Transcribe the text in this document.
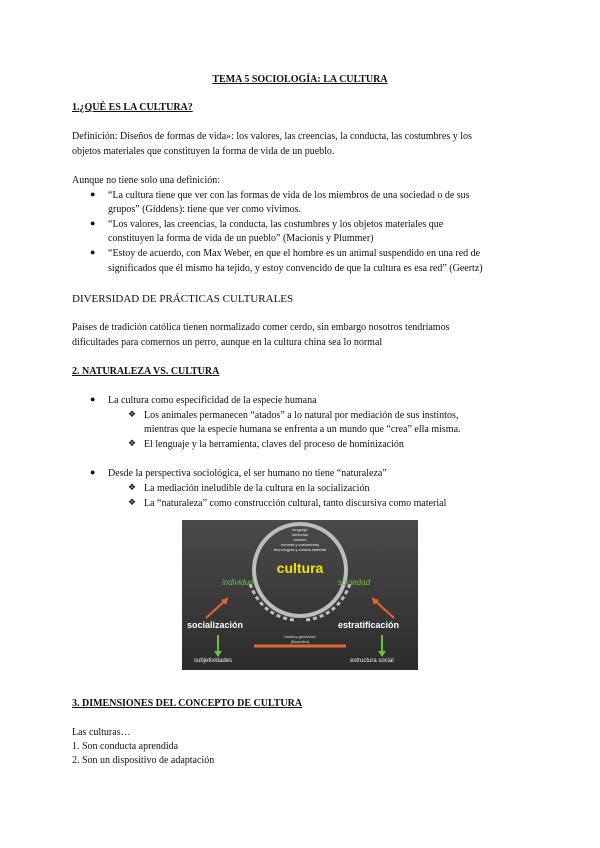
TEMA 5 SOCIOLOGÍA: LA CULTURA
1.¿QUÉ ES LA CULTURA?
Definición: Diseños de formas de vida»: los valores, las creencias, la conducta, las costumbres y los
objetos materiales que constituyen la forma de vida de un pueblo.
Aunque no tiene solo una definición:
● “La cultura tiene que ver con las formas de vida de los miembros de una sociedad o de sus
grupos” (Giddens): tiene que ver como vivimos.
● “Los valores, las creencias, la conducta, las costumbres y los objetos materiales que
constituyen la forma de vida de un pueblo” (Macionis y Plummer)
● “Estoy de acuerdo, con Max Weber, en que el hombre es un animal suspendido en una red de
significados que él mismo ha tejido, y estoy convencido de que la cultura es esa red” (Geertz)
DIVERSIDAD DE PRÁCTICAS CULTURALES
Países de tradición católica tienen normalizado comer cerdo, sin embargo nosotros tendríamos
dificultades para comernos un perro, aunque en la cultura china sea lo normal
2. NATURALEZA VS. CULTURA
● La cultura como especificidad de la especie humana
❖ Los animales permanecen “atados” a lo natural por mediación de sus instintos,
mientras que la especie humana se enfrenta a un mundo que “crea” ella misma.
❖ El lenguaje y la herramienta, claves del proceso de hominización
● Desde la perspectiva sociológica, el ser humano no tiene “naturaleza”
❖ La mediación ineludible de la cultura en la socialización
❖ La “naturaleza” como construcción cultural, tanto discursiva como material
lenguaje
símbolos
valores
normas y costumbres
tecnologías y cultura material
cultura
individuo	sociedad
socialización	estratificación
habitus-gen/clase
(Bourdieu)
subjetividades	estructura social
3. DIMENSIONES DEL CONCEPTO DE CULTURA
Las culturas…
1. Son conducta aprendida
2. Son un dispositivo de adaptación
